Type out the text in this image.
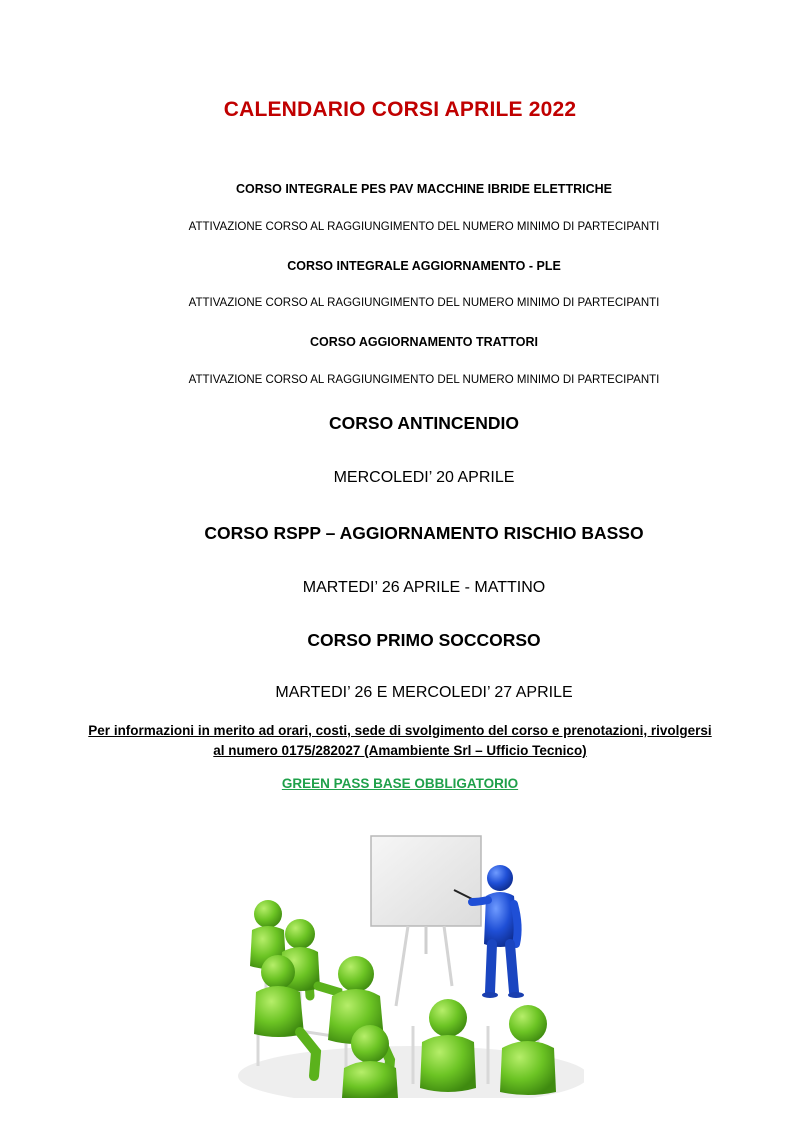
CALENDARIO CORSI APRILE 2022
CORSO INTEGRALE PES PAV MACCHINE IBRIDE ELETTRICHE
ATTIVAZIONE CORSO AL RAGGIUNGIMENTO DEL NUMERO MINIMO DI PARTECIPANTI
CORSO INTEGRALE AGGIORNAMENTO - PLE
ATTIVAZIONE CORSO AL RAGGIUNGIMENTO DEL NUMERO MINIMO DI PARTECIPANTI
CORSO AGGIORNAMENTO TRATTORI
ATTIVAZIONE CORSO AL RAGGIUNGIMENTO DEL NUMERO MINIMO DI PARTECIPANTI
CORSO ANTINCENDIO
MERCOLEDI’ 20 APRILE
CORSO RSPP – AGGIORNAMENTO RISCHIO BASSO
MARTEDI’ 26 APRILE - MATTINO
CORSO PRIMO SOCCORSO
MARTEDI’ 26 E MERCOLEDI’ 27 APRILE
Per informazioni in merito ad orari, costi, sede di svolgimento del corso e prenotazioni, rivolgersi
al numero 0175/282027 (Amambiente Srl – Ufficio Tecnico)
GREEN PASS BASE OBBLIGATORIO
